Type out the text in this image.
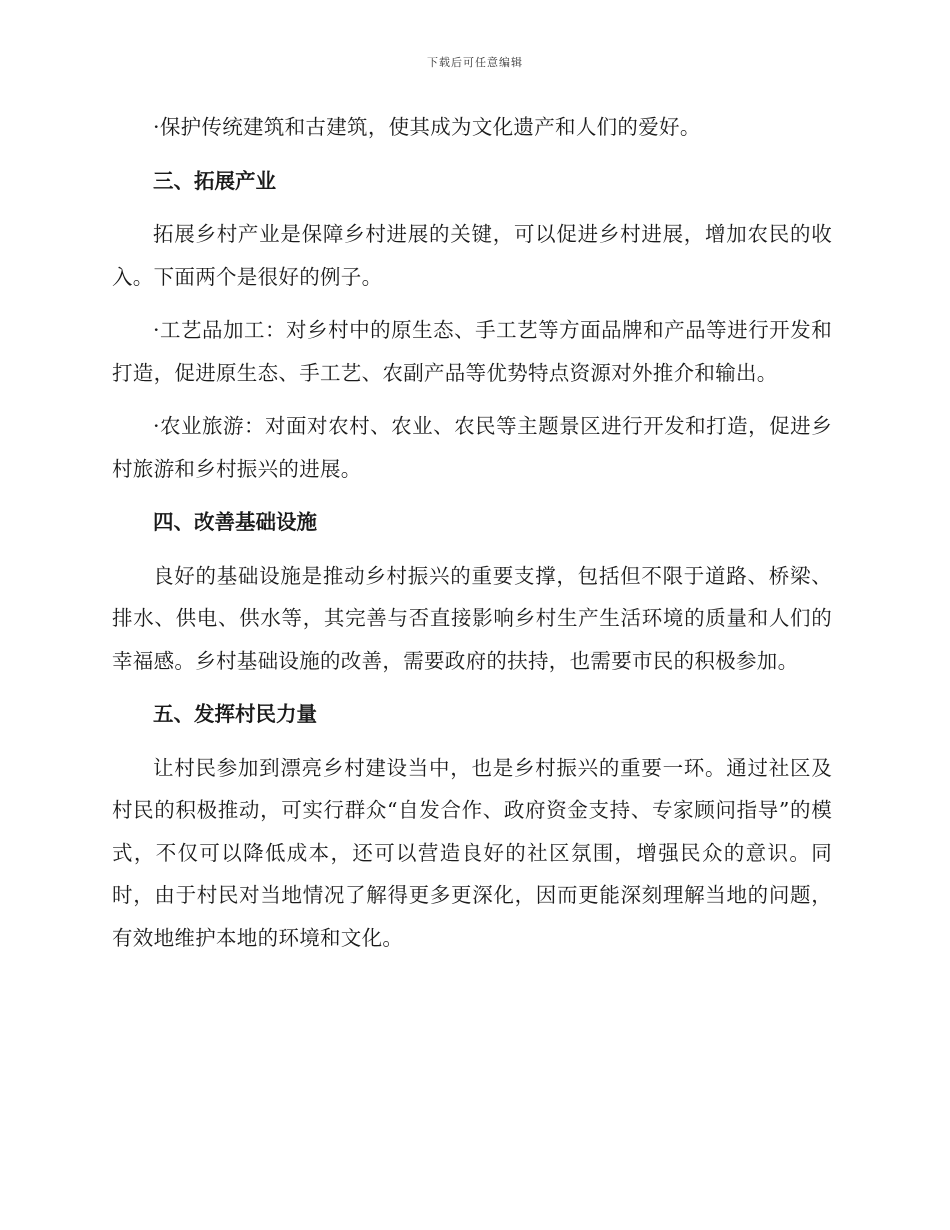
下载后可任意编辑

·保护传统建筑和古建筑，使其成为文化遗产和人们的爱好。

三、拓展产业

拓展乡村产业是保障乡村进展的关键，可以促进乡村进展，增加农民的收入。下面两个是很好的例子。

·工艺品加工：对乡村中的原生态、手工艺等方面品牌和产品等进行开发和打造，促进原生态、手工艺、农副产品等优势特点资源对外推介和输出。

·农业旅游：对面对农村、农业、农民等主题景区进行开发和打造，促进乡村旅游和乡村振兴的进展。

四、改善基础设施

良好的基础设施是推动乡村振兴的重要支撑，包括但不限于道路、桥梁、排水、供电、供水等，其完善与否直接影响乡村生产生活环境的质量和人们的幸福感。乡村基础设施的改善，需要政府的扶持，也需要市民的积极参加。

五、发挥村民力量

让村民参加到漂亮乡村建设当中，也是乡村振兴的重要一环。通过社区及村民的积极推动，可实行群众“自发合作、政府资金支持、专家顾问指导”的模式，不仅可以降低成本，还可以营造良好的社区氛围，增强民众的意识。同时，由于村民对当地情况了解得更多更深化，因而更能深刻理解当地的问题，有效地维护本地的环境和文化。
